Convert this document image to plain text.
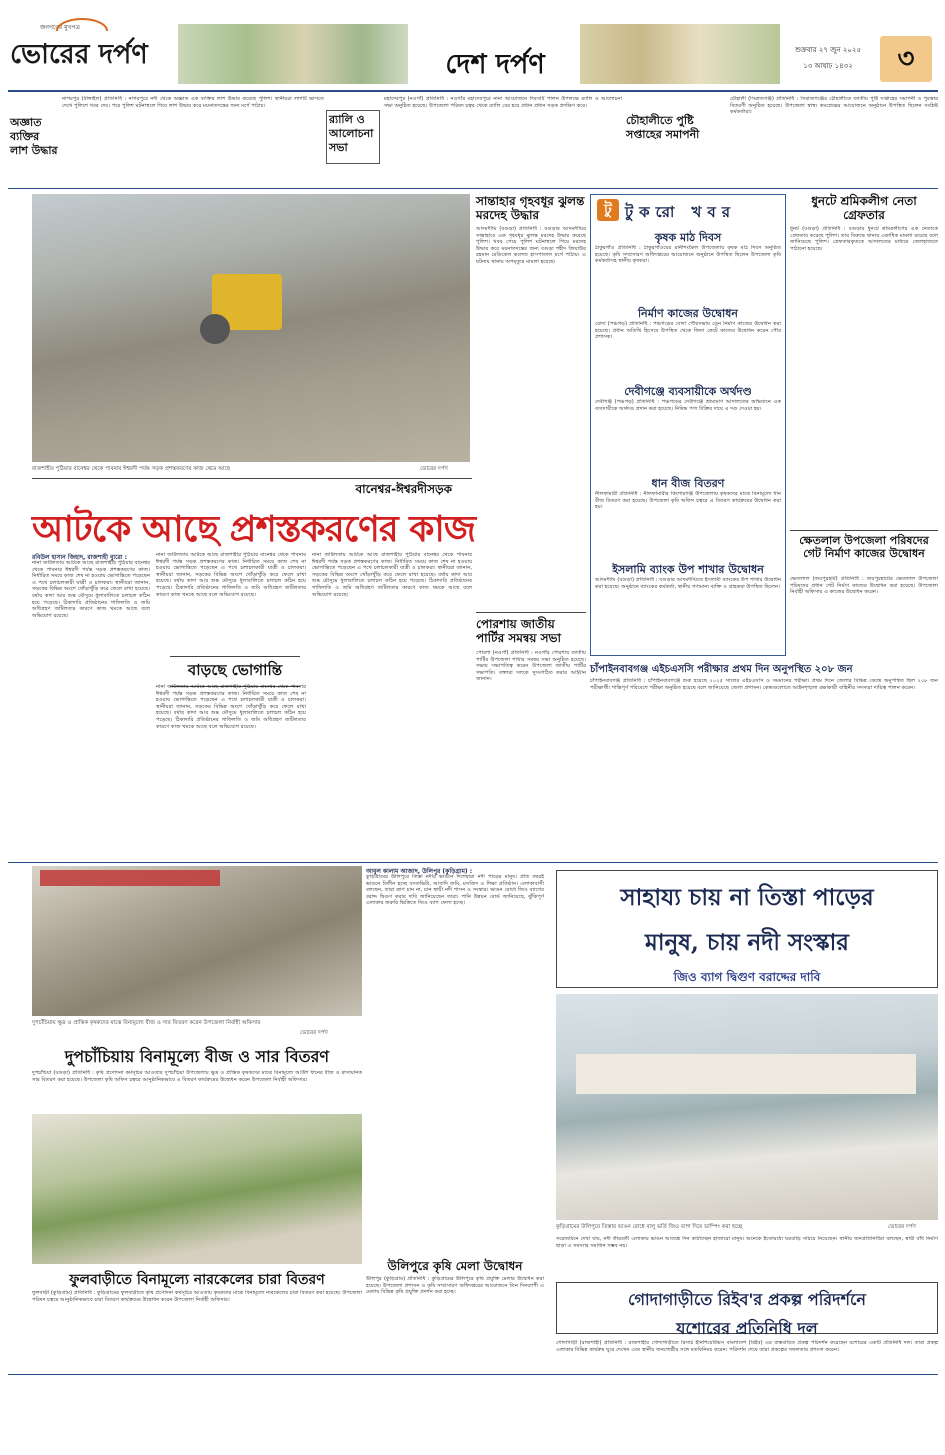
জনগণের মুখপত্র
ভোরের দর্পণ	দেশ দর্পণ	শুক্রবার ২৭ জুন ২০২৫
১৩ আষাঢ় ১৪৩২	৩
অজ্ঞাত ব্যক্তির লাশ উদ্ধার
নাগরপুর (টাঙ্গাইল) প্রতিনিধি : নাগরপুরে নদী থেকে অজ্ঞাত এক ব্যক্তির লাশ উদ্ধার করেছে পুলিশ। স্থানীয়রা লাশটি ভাসতে দেখে পুলিশে খবর দেয়। পরে পুলিশ ঘটনাস্থলে গিয়ে লাশ উদ্ধার করে ময়নাতদন্তের জন্য মর্গে পাঠায়।
র‍্যালি ও আলোচনা সভা
মহাদেবপুর (নওগাঁ) প্রতিনিধি : নওগাঁর মহাদেবপুরে নানা আয়োজনে দিবসটি পালন উপলক্ষে র‍্যালি ও আলোচনা সভা অনুষ্ঠিত হয়েছে। উপজেলা পরিষদ চত্বর থেকে র‍্যালি বের হয়ে প্রধান প্রধান সড়ক প্রদক্ষিণ করে।
চৌহালীতে পুষ্টি সপ্তাহের সমাপনী
চৌহালী (সিরাজগঞ্জ) প্রতিনিধি : সিরাজগঞ্জের চৌহালীতে জাতীয় পুষ্টি সপ্তাহের সমাপনী ও পুরস্কার বিতরণী অনুষ্ঠিত হয়েছে। উপজেলা স্বাস্থ্য কমপ্লেক্সের আয়োজনে অনুষ্ঠানে উপস্থিত ছিলেন সংশ্লিষ্ট কর্মকর্তারা।
রাজশাহীর পুঠিয়ার বানেশ্বর থেকে পাবনার ঈশ্বরদী পর্যন্ত সড়ক প্রশস্তকরণের কাজ থেমে আছে	ভোরের দর্পণ
বানেশ্বর-ঈশ্বরদীসড়ক
আটকে আছে প্রশস্তকরণের কাজ
রবিউল হাসান জিহাদ, রাজশাহী ব্যুরো :
নানা জটিলতায় আটকে আছে রাজশাহীর পুঠিয়ার বানেশ্বর থেকে পাবনার ঈশ্বরদী পর্যন্ত সড়ক প্রশস্তকরণের কাজ। নির্ধারিত সময়ে কাজ শেষ না হওয়ায় ভোগান্তিতে পড়েছেন এ পথে চলাচলকারী যাত্রী ও চালকরা। স্থানীয়রা জানান, সড়কের বিভিন্ন অংশে খোঁড়াখুঁড়ি করে ফেলে রাখা হয়েছে। বর্ষায় কাদা আর শুষ্ক মৌসুমে ধুলাবালিতে চলাচল কঠিন হয়ে পড়েছে। ঠিকাদারি প্রতিষ্ঠানের গাফিলতি ও জমি অধিগ্রহণ জটিলতার কারণে কাজ থমকে আছে বলে অভিযোগ রয়েছে।
নানা জটিলতায় আটকে আছে রাজশাহীর পুঠিয়ার বানেশ্বর থেকে পাবনার ঈশ্বরদী পর্যন্ত সড়ক প্রশস্তকরণের কাজ। নির্ধারিত সময়ে কাজ শেষ না হওয়ায় ভোগান্তিতে পড়েছেন এ পথে চলাচলকারী যাত্রী ও চালকরা। স্থানীয়রা জানান, সড়কের বিভিন্ন অংশে খোঁড়াখুঁড়ি করে ফেলে রাখা হয়েছে। বর্ষায় কাদা আর শুষ্ক মৌসুমে ধুলাবালিতে চলাচল কঠিন হয়ে পড়েছে। ঠিকাদারি প্রতিষ্ঠানের গাফিলতি ও জমি অধিগ্রহণ জটিলতার কারণে কাজ থমকে আছে বলে অভিযোগ রয়েছে।
বাড়ছে ভোগান্তি
নানা জটিলতায় আটকে আছে রাজশাহীর পুঠিয়ার বানেশ্বর থেকে পাবনার ঈশ্বরদী পর্যন্ত সড়ক প্রশস্তকরণের কাজ। নির্ধারিত সময়ে কাজ শেষ না হওয়ায় ভোগান্তিতে পড়েছেন এ পথে চলাচলকারী যাত্রী ও চালকরা। স্থানীয়রা জানান, সড়কের বিভিন্ন অংশে খোঁড়াখুঁড়ি করে ফেলে রাখা হয়েছে। বর্ষায় কাদা আর শুষ্ক মৌসুমে ধুলাবালিতে চলাচল কঠিন হয়ে পড়েছে। ঠিকাদারি প্রতিষ্ঠানের গাফিলতি ও জমি অধিগ্রহণ জটিলতার কারণে কাজ থমকে আছে বলে অভিযোগ রয়েছে।
নানা জটিলতায় আটকে আছে রাজশাহীর পুঠিয়ার বানেশ্বর থেকে পাবনার ঈশ্বরদী পর্যন্ত সড়ক প্রশস্তকরণের কাজ। নির্ধারিত সময়ে কাজ শেষ না হওয়ায় ভোগান্তিতে পড়েছেন এ পথে চলাচলকারী যাত্রী ও চালকরা। স্থানীয়রা জানান, সড়কের বিভিন্ন অংশে খোঁড়াখুঁড়ি করে ফেলে রাখা হয়েছে। বর্ষায় কাদা আর শুষ্ক মৌসুমে ধুলাবালিতে চলাচল কঠিন হয়ে পড়েছে। ঠিকাদারি প্রতিষ্ঠানের গাফিলতি ও জমি অধিগ্রহণ জটিলতার কারণে কাজ থমকে আছে বলে অভিযোগ রয়েছে।
সান্তাহার গৃহবধূর ঝুলন্ত মরদেহ উদ্ধার
আদমদীঘি (বগুড়া) প্রতিনিধি : বগুড়ার আদমদীঘির সান্তাহারে এক গৃহবধূর ঝুলন্ত মরদেহ উদ্ধার করেছে পুলিশ। খবর পেয়ে পুলিশ ঘটনাস্থলে গিয়ে মরদেহ উদ্ধার করে ময়নাতদন্তের জন্য বগুড়া শহীদ জিয়াউর রহমান মেডিকেল কলেজ হাসপাতাল মর্গে পাঠায়। এ ঘটনায় থানায় অপমৃত্যুর মামলা হয়েছে।
পোরশায় জাতীয় পার্টির সমন্বয় সভা
পোরশা (নওগাঁ) প্রতিনিধি : নওগাঁর পোরশায় জাতীয় পার্টির উপজেলা শাখার সমন্বয় সভা অনুষ্ঠিত হয়েছে। সভায় সভাপতিত্ব করেন উপজেলা জাতীয় পার্টির সভাপতি। বক্তারা দলকে সুসংগঠিত করার আহ্বান জানান।
টু টুকরো খবর
কৃষক মাঠ দিবস
ঠাকুরগাঁও প্রতিনিধি : ঠাকুরগাঁওয়ের রানীশংকৈল উপজেলায় কৃষক মাঠ দিবস অনুষ্ঠিত হয়েছে। কৃষি সম্প্রসারণ অধিদপ্তরের আয়োজনে অনুষ্ঠানে উপস্থিত ছিলেন উপজেলা কৃষি কর্মকর্তাসহ স্থানীয় কৃষকরা।
নির্মাণ কাজের উদ্বোধন
বোদা (পঞ্চগড়) প্রতিনিধি : পঞ্চগড়ের বোদা পৌরসভায় ড্রেন নির্মাণ কাজের উদ্বোধন করা হয়েছে। প্রধান অতিথি হিসেবে উপস্থিত থেকে ফিতা কেটে কাজের উদ্বোধন করেন পৌর প্রশাসক।
দেবীগঞ্জে ব্যবসায়ীকে অর্থদণ্ড
দেবীগঞ্জ (পঞ্চগড়) প্রতিনিধি : পঞ্চগড়ের দেবীগঞ্জে ভ্রাম্যমাণ আদালতের অভিযানে এক ব্যবসায়ীকে অর্থদণ্ড প্রদান করা হয়েছে। নিষিদ্ধ পণ্য বিক্রির দায়ে এ দণ্ড দেওয়া হয়।
ধান বীজ বিতরণ
নীলফামারী প্রতিনিধি : নীলফামারীর কিশোরগঞ্জ উপজেলায় কৃষকদের মাঝে বিনামূল্যে ধান বীজ বিতরণ করা হয়েছে। উপজেলা কৃষি অফিস চত্বরে এ বিতরণ কার্যক্রমের উদ্বোধন করা হয়।
ইসলামি ব্যাংক উপ শাখার উদ্বোধন
আদমদীঘি (বগুড়া) প্রতিনিধি : বগুড়ার আদমদীঘিতে ইসলামী ব্যাংকের উপ শাখার উদ্বোধন করা হয়েছে। অনুষ্ঠানে ব্যাংকের কর্মকর্তা, স্থানীয় গণ্যমান্য ব্যক্তি ও গ্রাহকরা উপস্থিত ছিলেন।
ধুনটে শ্রমিকলীগ নেতা গ্রেফতার
ধুনট (বগুড়া) প্রতিনিধি : বগুড়ার ধুনটে শ্রমিকলীগের এক নেতাকে গ্রেফতার করেছে পুলিশ। তার বিরুদ্ধে থানায় একাধিক মামলা রয়েছে বলে জানিয়েছে পুলিশ। গ্রেফতারকৃতকে আদালতের মাধ্যমে জেলহাজতে পাঠানো হয়েছে।
ক্ষেতলাল উপজেলা পরিষদের গেট নির্মাণ কাজের উদ্বোধন
ক্ষেতলাল (জয়পুরহাট) প্রতিনিধি : জয়পুরহাটের ক্ষেতলাল উপজেলা পরিষদের প্রধান গেট নির্মাণ কাজের উদ্বোধন করা হয়েছে। উপজেলা নির্বাহী অফিসার এ কাজের উদ্বোধন করেন।
চাঁপাইনবাবগঞ্জ এইচএসসি পরীক্ষার প্রথম দিন অনুপস্থিত ২০৮ জন
চাঁপাইনবাবগঞ্জ প্রতিনিধি : চাঁপাইনবাবগঞ্জে শুরু হয়েছে ২০২৫ সালের এইচএসসি ও সমমানের পরীক্ষা। প্রথম দিনে জেলার বিভিন্ন কেন্দ্রে অনুপস্থিত ছিল ২০৮ জন পরীক্ষার্থী। শান্তিপূর্ণ পরিবেশে পরীক্ষা অনুষ্ঠিত হয়েছে বলে জানিয়েছে জেলা প্রশাসন। কেন্দ্রগুলোতে আইনশৃঙ্খলা রক্ষাকারী বাহিনীর সদস্যরা দায়িত্ব পালন করেন।
দুপচাঁচিয়ায় ক্ষুদ্র ও প্রান্তিক কৃষকদের মাঝে বিনামূল্যে বীজ ও সার বিতরণ করেন উপজেলা নির্বাহী অফিসার
ভোরের দর্পণ
দুপচাঁচিয়ায় বিনামূল্যে বীজ ও সার বিতরণ
দুপচাঁচিয়া (বগুড়া) প্রতিনিধি : কৃষি প্রণোদনা কর্মসূচির আওতায় দুপচাঁচিয়া উপজেলায় ক্ষুদ্র ও প্রান্তিক কৃষকদের মাঝে বিনামূল্যে আউশ ধানের বীজ ও রাসায়নিক সার বিতরণ করা হয়েছে। উপজেলা কৃষি অফিস চত্বরে আনুষ্ঠানিকভাবে এ বিতরণ কার্যক্রমের উদ্বোধন করেন উপজেলা নির্বাহী অফিসার।
ফুলবাড়ীতে বিনামূল্যে নারকেলের চারা বিতরণ
ফুলবাড়ী (কুড়িগ্রাম) প্রতিনিধি : কুড়িগ্রামের ফুলবাড়ীতে কৃষি প্রণোদনা কর্মসূচির আওতায় কৃষকদের মাঝে বিনামূল্যে নারকেলের চারা বিতরণ করা হয়েছে। উপজেলা পরিষদ চত্বরে আনুষ্ঠানিকভাবে চারা বিতরণ কার্যক্রমের উদ্বোধন করেন উপজেলা নির্বাহী অফিসার।
আবুল কালাম আজাদ, উলিপুর (কুড়িগ্রাম) :
কুড়িগ্রামের উলিপুরে তিস্তা নদীর ভাঙনে দিশেহারা নদী পাড়ের মানুষ। প্রতি বছরই ভাঙনে বিলীন হচ্ছে বসতভিটা, আবাদি জমি, মসজিদ ও শিক্ষা প্রতিষ্ঠান। এলাকাবাসী বলছেন, তারা ত্রাণ চান না, চান স্থায়ী নদী শাসন ও সংস্কার। ভাঙন রোধে জিও ব্যাগের বরাদ্দ দ্বিগুণ করার দাবি জানিয়েছেন তারা। পানি উন্নয়ন বোর্ড জানিয়েছে, ঝুঁকিপূর্ণ এলাকায় জরুরি ভিত্তিতে জিও ব্যাগ ফেলা হচ্ছে।	সাহায্য চায় না তিস্তা পাড়ের
মানুষ, চায় নদী সংস্কার
জিও ব্যাগ দ্বিগুণ বরাদ্দের দাবি
কুড়িগ্রামের উলিপুরে তিস্তার ভাঙন রোধে বালু ভর্তি জিও ব্যাগ দিয়ে ডাম্পিং করা হচ্ছে	ভোরের দর্পণ
সরেজমিনে দেখা যায়, নদী তীরবর্তী এলাকায় ভাঙন আতঙ্কে দিন কাটাচ্ছেন হাজারো মানুষ। অনেকে ইতোমধ্যে ঘরবাড়ি সরিয়ে নিয়েছেন। স্থানীয় জনপ্রতিনিধিরা বলছেন, স্থায়ী বাঁধ নির্মাণ ছাড়া এ সমস্যার সমাধান সম্ভব নয়।
উলিপুরে কৃষি মেলা উদ্বোধন
উলিপুর (কুড়িগ্রাম) প্রতিনিধি : কুড়িগ্রামের উলিপুরে কৃষি প্রযুক্তি মেলার উদ্বোধন করা হয়েছে। উপজেলা প্রশাসন ও কৃষি সম্প্রসারণ অধিদপ্তরের আয়োজনে তিন দিনব্যাপী এ মেলায় বিভিন্ন কৃষি প্রযুক্তি প্রদর্শন করা হচ্ছে।	গোদাগাড়ীতে রিইব'র প্রকল্প পরিদর্শনে
যশোরের প্রতিনিধি দল
গোদাগাড়ী (রাজশাহী) প্রতিনিধি : রাজশাহীর গোদাগাড়ীতে রিসার্চ ইনিশিয়েটিভস বাংলাদেশ (রিইব) এর বাস্তবায়িত প্রকল্প পরিদর্শন করেছেন যশোরের একটি প্রতিনিধি দল। তারা প্রকল্প এলাকার বিভিন্ন কার্যক্রম ঘুরে দেখেন এবং স্থানীয় জনগোষ্ঠীর সঙ্গে মতবিনিময় করেন। পরিদর্শন শেষে তারা প্রকল্পের সফলতার প্রশংসা করেন।
